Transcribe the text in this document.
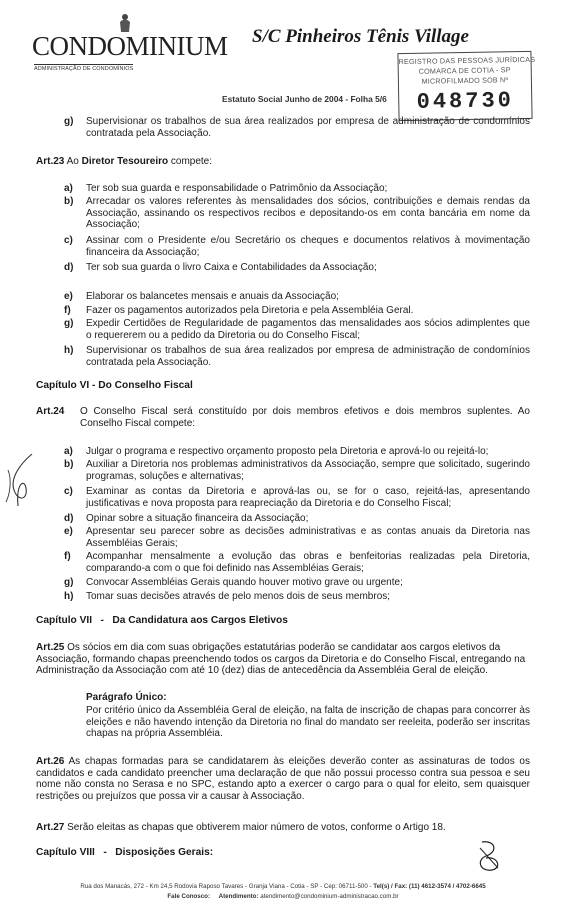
CONDOMINIUM
ADMINISTRAÇÃO DE CONDOMÍNIOS
S/C Pinheiros Tênis Village
REGISTRO DAS PESSOAS JURÍDICAS
COMARCA DE COTIA - SP
MICROFILMADO SOB Nº
048730
Estatuto Social Junho de 2004 - Folha 5/6
g) Supervisionar os trabalhos de sua área realizados por empresa de administração de condomínios contratada pela Associação.
Art.23 Ao Diretor Tesoureiro compete:
a) Ter sob sua guarda e responsabilidade o Patrimônio da Associação;
b) Arrecadar os valores referentes às mensalidades dos sócios, contribuições e demais rendas da Associação, assinando os respectivos recibos e depositando-os em conta bancária em nome da Associação;
c) Assinar com o Presidente e/ou Secretário os cheques e documentos relativos à movimentação financeira da Associação;
d) Ter sob sua guarda o livro Caixa e Contabilidades da Associação;
e) Elaborar os balancetes mensais e anuais da Associação;
f) Fazer os pagamentos autorizados pela Diretoria e pela Assembléia Geral.
g) Expedir Certidões de Regularidade de pagamentos das mensalidades aos sócios adimplentes que o requererem ou a pedido da Diretoria ou do Conselho Fiscal;
h) Supervisionar os trabalhos de sua área realizados por empresa de administração de condomínios contratada pela Associação.
Capítulo VI - Do Conselho Fiscal
Art.24	O Conselho Fiscal será constituído por dois membros efetivos e dois membros suplentes. Ao Conselho Fiscal compete:
a) Julgar o programa e respectivo orçamento proposto pela Diretoria e aprová-lo ou rejeitá-lo;
b) Auxiliar a Diretoria nos problemas administrativos da Associação, sempre que solicitado, sugerindo programas, soluções e alternativas;
c) Examinar as contas da Diretoria e aprová-las ou, se for o caso, rejeitá-las, apresentando justificativas e nova proposta para reapreciação da Diretoria e do Conselho Fiscal;
d) Opinar sobre a situação financeira da Associação;
e) Apresentar seu parecer sobre as decisões administrativas e as contas anuais da Diretoria nas Assembléias Gerais;
f) Acompanhar mensalmente a evolução das obras e benfeitorias realizadas pela Diretoria, comparando-a com o que foi definido nas Assembléias Gerais;
g) Convocar Assembléias Gerais quando houver motivo grave ou urgente;
h) Tomar suas decisões através de pelo menos dois de seus membros;
Capítulo VII   -   Da Candidatura aos Cargos Eletivos
Art.25 Os sócios em dia com suas obrigações estatutárias poderão se candidatar aos cargos eletivos da Associação, formando chapas preenchendo todos os cargos da Diretoria e do Conselho Fiscal, entregando na Administração da Associação com até 10 (dez) dias de antecedência da Assembléia Geral de eleição.
Parágrafo Único:
Por critério único da Assembléia Geral de eleição, na falta de inscrição de chapas para concorrer às eleições e não havendo intenção da Diretoria no final do mandato ser reeleita, poderão ser inscritas chapas na própria Assembléia.
Art.26 As chapas formadas para se candidatarem às eleições deverão conter as assinaturas de todos os candidatos e cada candidato preencher uma declaração de que não possui processo contra sua pessoa e seu nome não consta no Serasa e no SPC, estando apto a exercer o cargo para o qual for eleito, sem quaisquer restrições ou prejuízos que possa vir a causar à Associação.
Art.27 Serão eleitas as chapas que obtiverem maior número de votos, conforme o Artigo 18.
Capítulo VIII   -   Disposições Gerais:
Rua dos Manacás, 272 - Km 24,5 Rodovia Raposo Tavares - Granja Viana - Cotia - SP - Cep: 06711-500 - Tel(s) / Fax: (11) 4612-3574 / 4702-6645
Fale Conosco: Atendimento: atendimento@condominium-administracao.com.br
